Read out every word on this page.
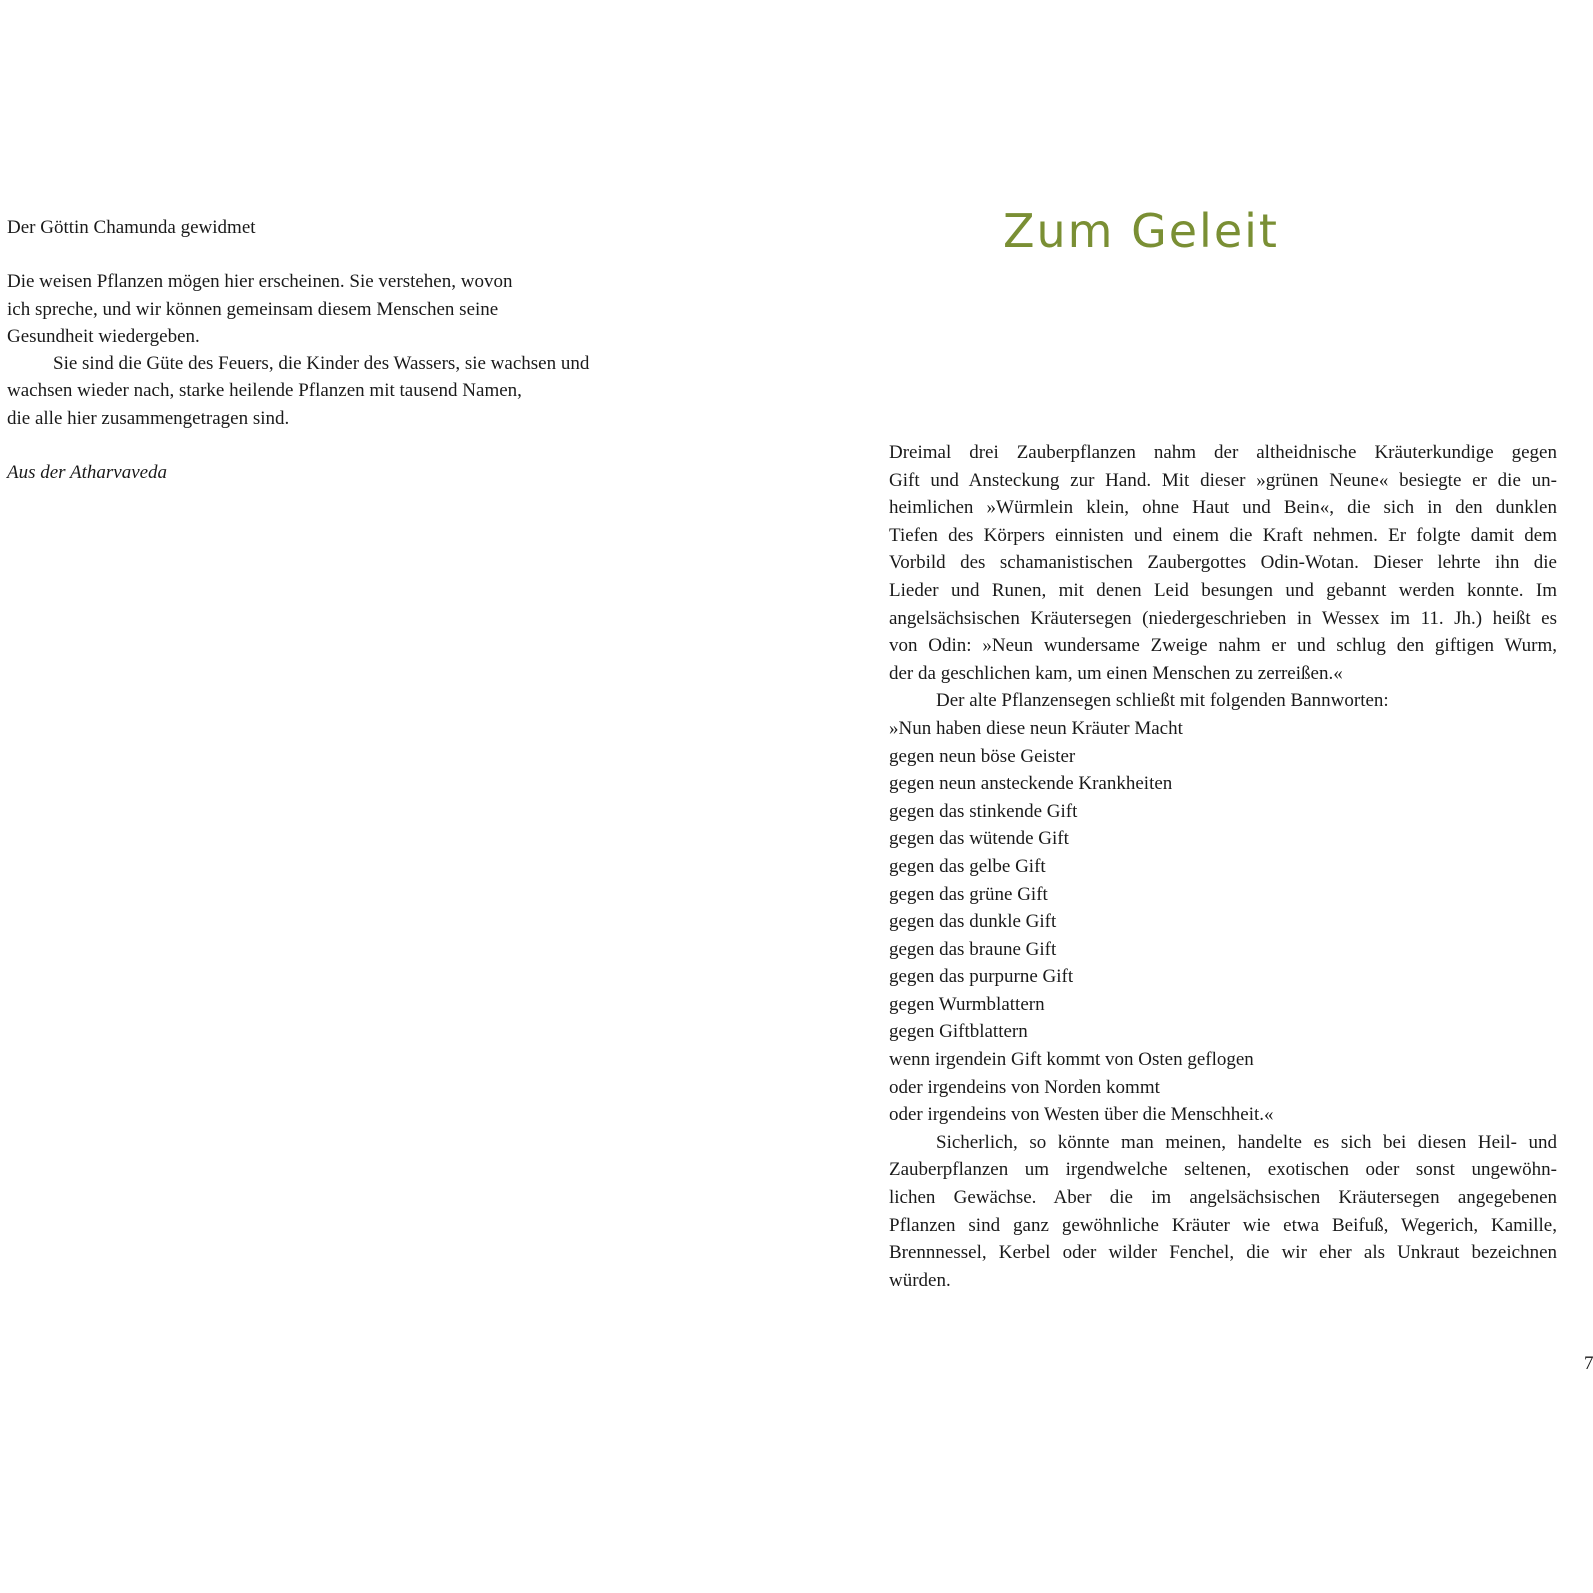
Der Göttin Chamunda gewidmet
Die weisen Pflanzen mögen hier erscheinen. Sie verstehen, wovon
ich spreche, und wir können gemeinsam diesem Menschen seine
Gesundheit wiedergeben.
Sie sind die Güte des Feuers, die Kinder des Wassers, sie wachsen und
wachsen wieder nach, starke heilende Pflanzen mit tausend Namen,
die alle hier zusammengetragen sind.
Aus der Atharvaveda
Zum Geleit
Dreimal drei Zauberpflanzen nahm der altheidnische Kräuterkundige gegen
Gift und Ansteckung zur Hand. Mit dieser »grünen Neune« besiegte er die un-
heimlichen »Würmlein klein, ohne Haut und Bein«, die sich in den dunklen
Tiefen des Körpers einnisten und einem die Kraft nehmen. Er folgte damit dem
Vorbild des schamanistischen Zaubergottes Odin-Wotan. Dieser lehrte ihn die
Lieder und Runen, mit denen Leid besungen und gebannt werden konnte. Im
angelsächsischen Kräutersegen (niedergeschrieben in Wessex im 11. Jh.) heißt es
von Odin: »Neun wundersame Zweige nahm er und schlug den giftigen Wurm,
der da geschlichen kam, um einen Menschen zu zerreißen.«
Der alte Pflanzensegen schließt mit folgenden Bannworten:
»Nun haben diese neun Kräuter Macht
gegen neun böse Geister
gegen neun ansteckende Krankheiten
gegen das stinkende Gift
gegen das wütende Gift
gegen das gelbe Gift
gegen das grüne Gift
gegen das dunkle Gift
gegen das braune Gift
gegen das purpurne Gift
gegen Wurmblattern
gegen Giftblattern
wenn irgendein Gift kommt von Osten geflogen
oder irgendeins von Norden kommt
oder irgendeins von Westen über die Menschheit.«
Sicherlich, so könnte man meinen, handelte es sich bei diesen Heil- und
Zauberpflanzen um irgendwelche seltenen, exotischen oder sonst ungewöhn-
lichen Gewächse. Aber die im angelsächsischen Kräutersegen angegebenen
Pflanzen sind ganz gewöhnliche Kräuter wie etwa Beifuß, Wegerich, Kamille,
Brennnessel, Kerbel oder wilder Fenchel, die wir eher als Unkraut bezeichnen
würden.
7
